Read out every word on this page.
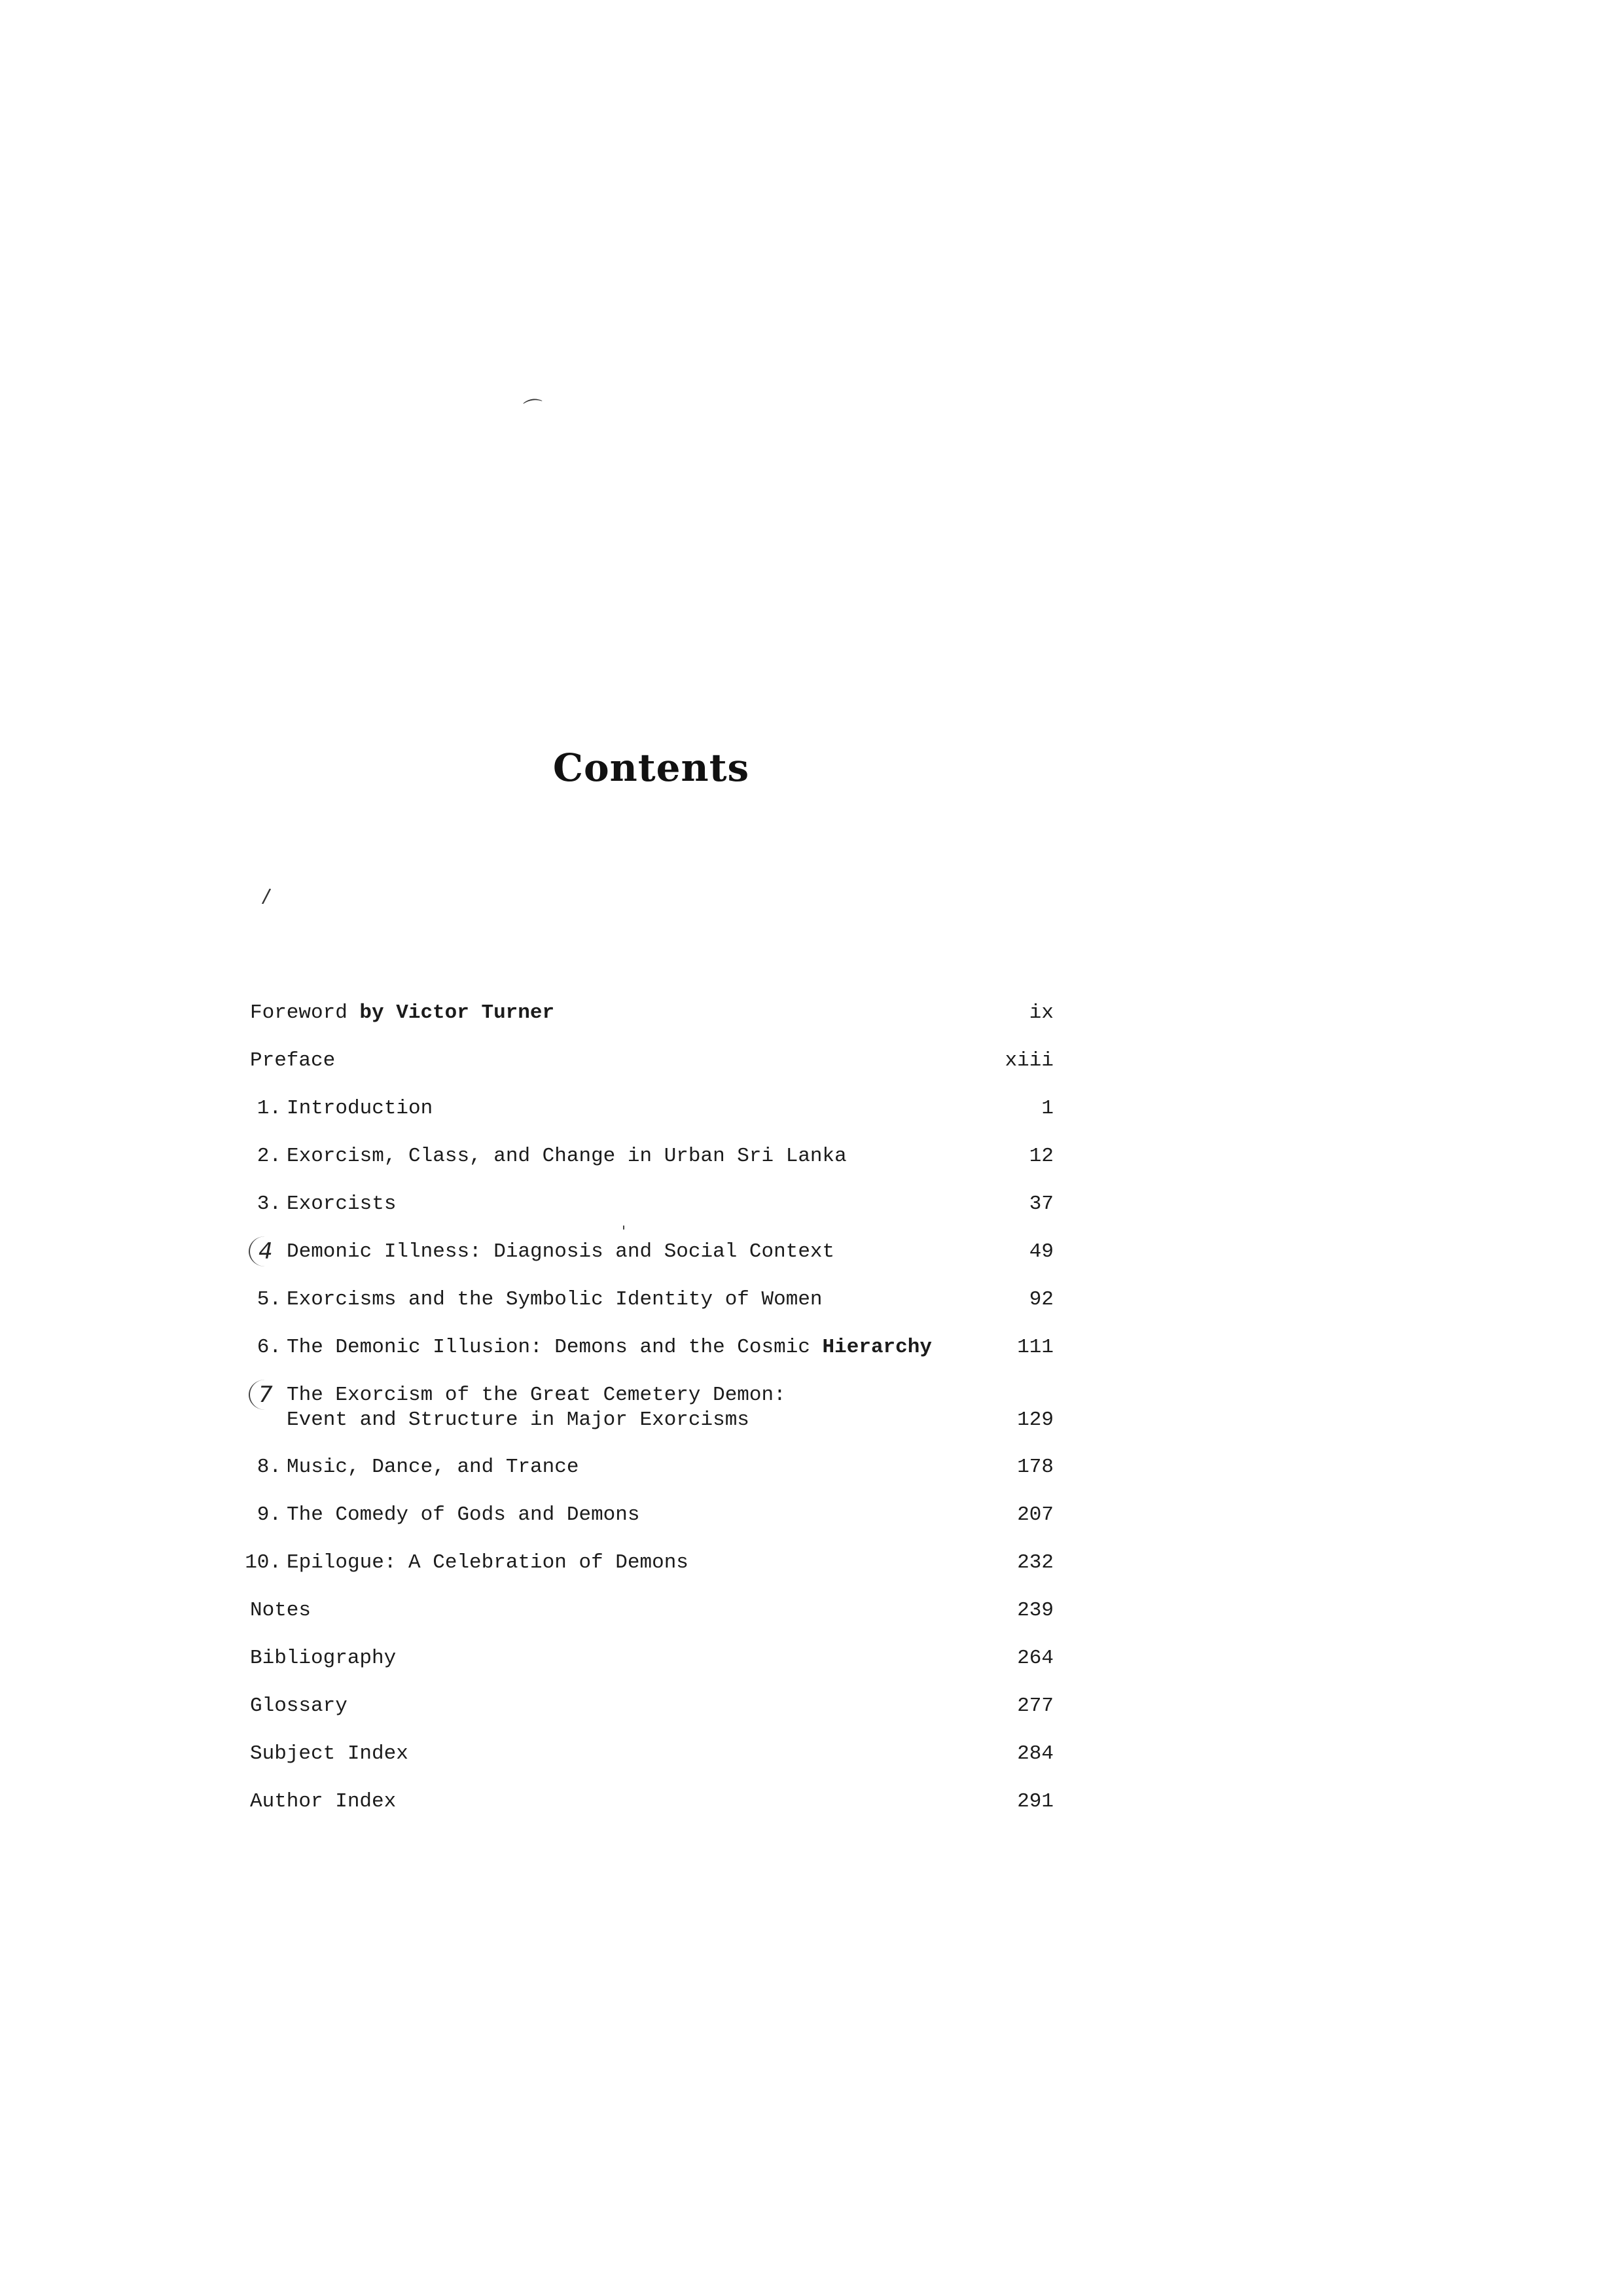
⌒
/
'
Contents
Foreword by Victor Turner	ix
Preface	xiii
1. Introduction	1
2. Exorcism, Class, and Change in Urban Sri Lanka	12
3. Exorcists	37
4 Demonic Illness: Diagnosis and Social Context	49
5. Exorcisms and the Symbolic Identity of Women	92
6. The Demonic Illusion: Demons and the Cosmic Hierarchy	111
7 The Exorcism of the Great Cemetery Demon:
Event and Structure in Major Exorcisms	129
8. Music, Dance, and Trance	178
9. The Comedy of Gods and Demons	207
10. Epilogue: A Celebration of Demons	232
Notes	239
Bibliography	264
Glossary	277
Subject Index	284
Author Index	291
